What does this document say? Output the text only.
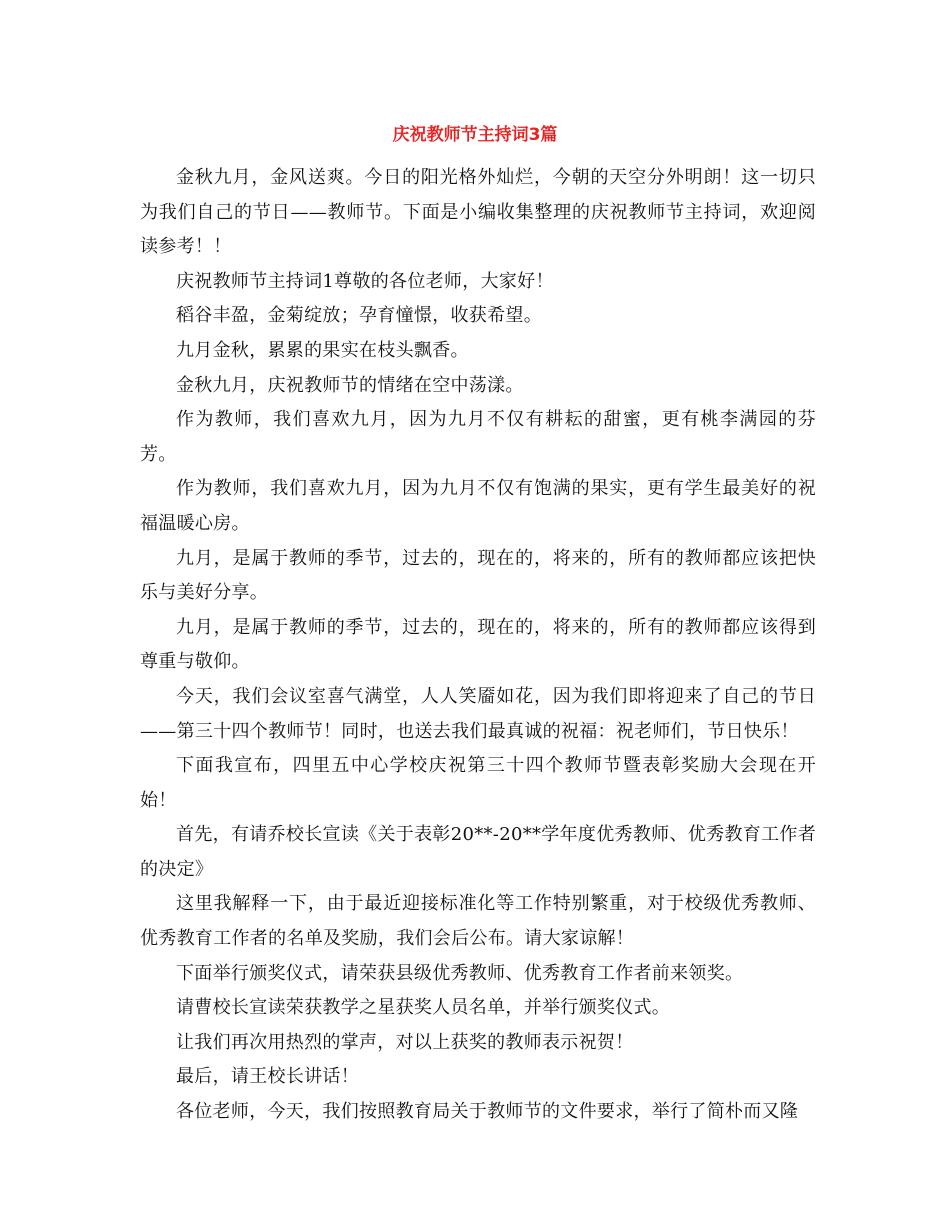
庆祝教师节主持词3篇

金秋九月，金风送爽。今日的阳光格外灿烂，今朝的天空分外明朗！这一切只为我们自己的节日——教师节。下面是小编收集整理的庆祝教师节主持词，欢迎阅读参考！！

庆祝教师节主持词1尊敬的各位老师，大家好！

稻谷丰盈，金菊绽放；孕育憧憬，收获希望。

九月金秋，累累的果实在枝头飘香。

金秋九月，庆祝教师节的情绪在空中荡漾。

作为教师，我们喜欢九月，因为九月不仅有耕耘的甜蜜，更有桃李满园的芬芳。

作为教师，我们喜欢九月，因为九月不仅有饱满的果实，更有学生最美好的祝福温暖心房。

九月，是属于教师的季节，过去的，现在的，将来的，所有的教师都应该把快乐与美好分享。

九月，是属于教师的季节，过去的，现在的，将来的，所有的教师都应该得到尊重与敬仰。

今天，我们会议室喜气满堂，人人笑靥如花，因为我们即将迎来了自己的节日——第三十四个教师节！同时，也送去我们最真诚的祝福：祝老师们，节日快乐！

下面我宣布，四里五中心学校庆祝第三十四个教师节暨表彰奖励大会现在开始！

首先，有请乔校长宣读《关于表彰20**-20**学年度优秀教师、优秀教育工作者的决定》

这里我解释一下，由于最近迎接标准化等工作特别繁重，对于校级优秀教师、优秀教育工作者的名单及奖励，我们会后公布。请大家谅解！

下面举行颁奖仪式，请荣获县级优秀教师、优秀教育工作者前来领奖。

请曹校长宣读荣获教学之星获奖人员名单，并举行颁奖仪式。

让我们再次用热烈的掌声，对以上获奖的教师表示祝贺！

最后，请王校长讲话！

各位老师，今天，我们按照教育局关于教师节的文件要求，举行了简朴而又隆
